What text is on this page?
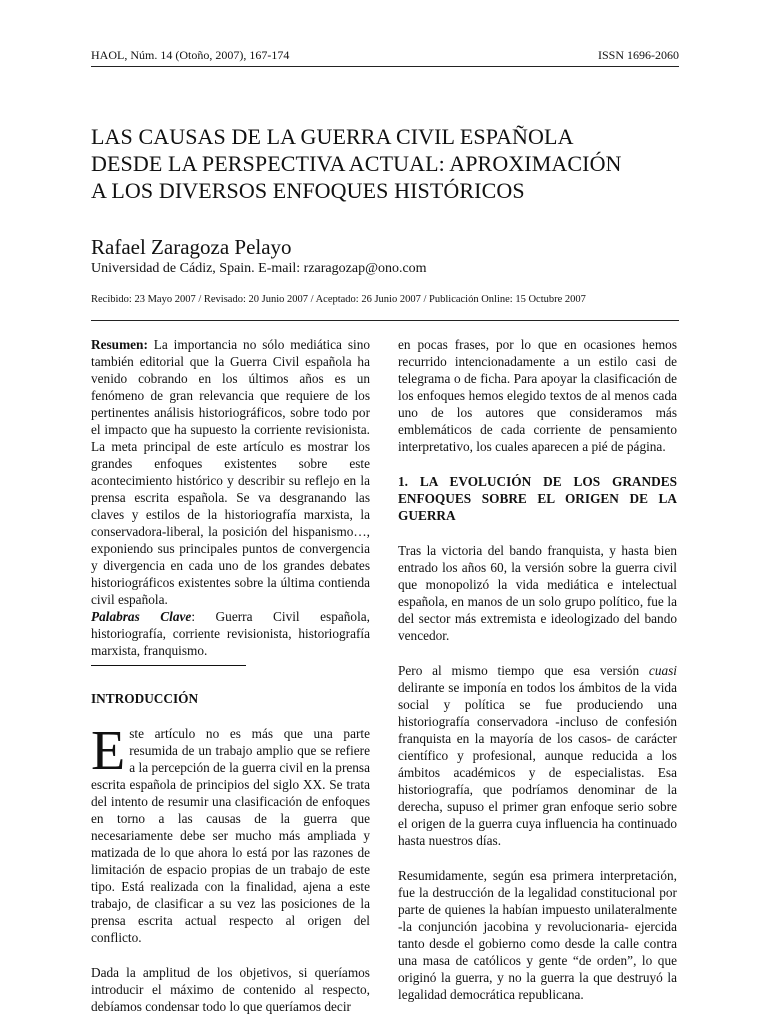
HAOL, Núm. 14 (Otoño, 2007), 167-174	ISSN 1696-2060
LAS CAUSAS DE LA GUERRA CIVIL ESPAÑOLA
DESDE LA PERSPECTIVA ACTUAL: APROXIMACIÓN
A LOS DIVERSOS ENFOQUES HISTÓRICOS
Rafael Zaragoza Pelayo
Universidad de Cádiz, Spain. E-mail: rzaragozap@ono.com
Recibido: 23 Mayo 2007 / Revisado: 20 Junio 2007 / Aceptado: 26 Junio 2007 / Publicación Online: 15 Octubre 2007

Resumen: La importancia no sólo mediática sino también editorial que la Guerra Civil española ha venido cobrando en los últimos años es un fenómeno de gran relevancia que requiere de los pertinentes análisis historiográficos, sobre todo por el impacto que ha supuesto la corriente revisionista. La meta principal de este artículo es mostrar los grandes enfoques existentes sobre este acontecimiento histórico y describir su reflejo en la prensa escrita española. Se va desgranando las claves y estilos de la historiografía marxista, la conservadora-liberal, la posición del hispanismo…, exponiendo sus principales puntos de convergencia y divergencia en cada uno de los grandes debates historiográficos existentes sobre la última contienda civil española.

Palabras Clave: Guerra Civil española, historiografía, corriente revisionista, historiografía marxista, franquismo.

INTRODUCCIÓN

Este artículo no es más que una parte resumida de un trabajo amplio que se refiere a la percepción de la guerra civil en la prensa escrita española de principios del siglo XX. Se trata del intento de resumir una clasificación de enfoques en torno a las causas de la guerra que necesariamente debe ser mucho más ampliada y matizada de lo que ahora lo está por las razones de limitación de espacio propias de un trabajo de este tipo. Está realizada con la finalidad, ajena a este trabajo, de clasificar a su vez las posiciones de la prensa escrita actual respecto al origen del conflicto.

Dada la amplitud de los objetivos, si queríamos introducir el máximo de contenido al respecto, debíamos condensar todo lo que queríamos decir

en pocas frases, por lo que en ocasiones hemos recurrido intencionadamente a un estilo casi de telegrama o de ficha. Para apoyar la clasificación de los enfoques hemos elegido textos de al menos cada uno de los autores que consideramos más emblemáticos de cada corriente de pensamiento interpretativo, los cuales aparecen a pié de página.

1. LA EVOLUCIÓN DE LOS GRANDES ENFOQUES SOBRE EL ORIGEN DE LA GUERRA

Tras la victoria del bando franquista, y hasta bien entrado los años 60, la versión sobre la guerra civil que monopolizó la vida mediática e intelectual española, en manos de un solo grupo político, fue la del sector más extremista e ideologizado del bando vencedor.

Pero al mismo tiempo que esa versión cuasi delirante se imponía en todos los ámbitos de la vida social y política se fue produciendo una historiografía conservadora -incluso de confesión franquista en la mayoría de los casos- de carácter científico y profesional, aunque reducida a los ámbitos académicos y de especialistas. Esa historiografía, que podríamos denominar de la derecha, supuso el primer gran enfoque serio sobre el origen de la guerra cuya influencia ha continuado hasta nuestros días.

Resumidamente, según esa primera interpretación, fue la destrucción de la legalidad constitucional por parte de quienes la habían impuesto unilateralmente -la conjunción jacobina y revolucionaria- ejercida tanto desde el gobierno como desde la calle contra una masa de católicos y gente “de orden”, lo que originó la guerra, y no la guerra la que destruyó la legalidad democrática republicana.
